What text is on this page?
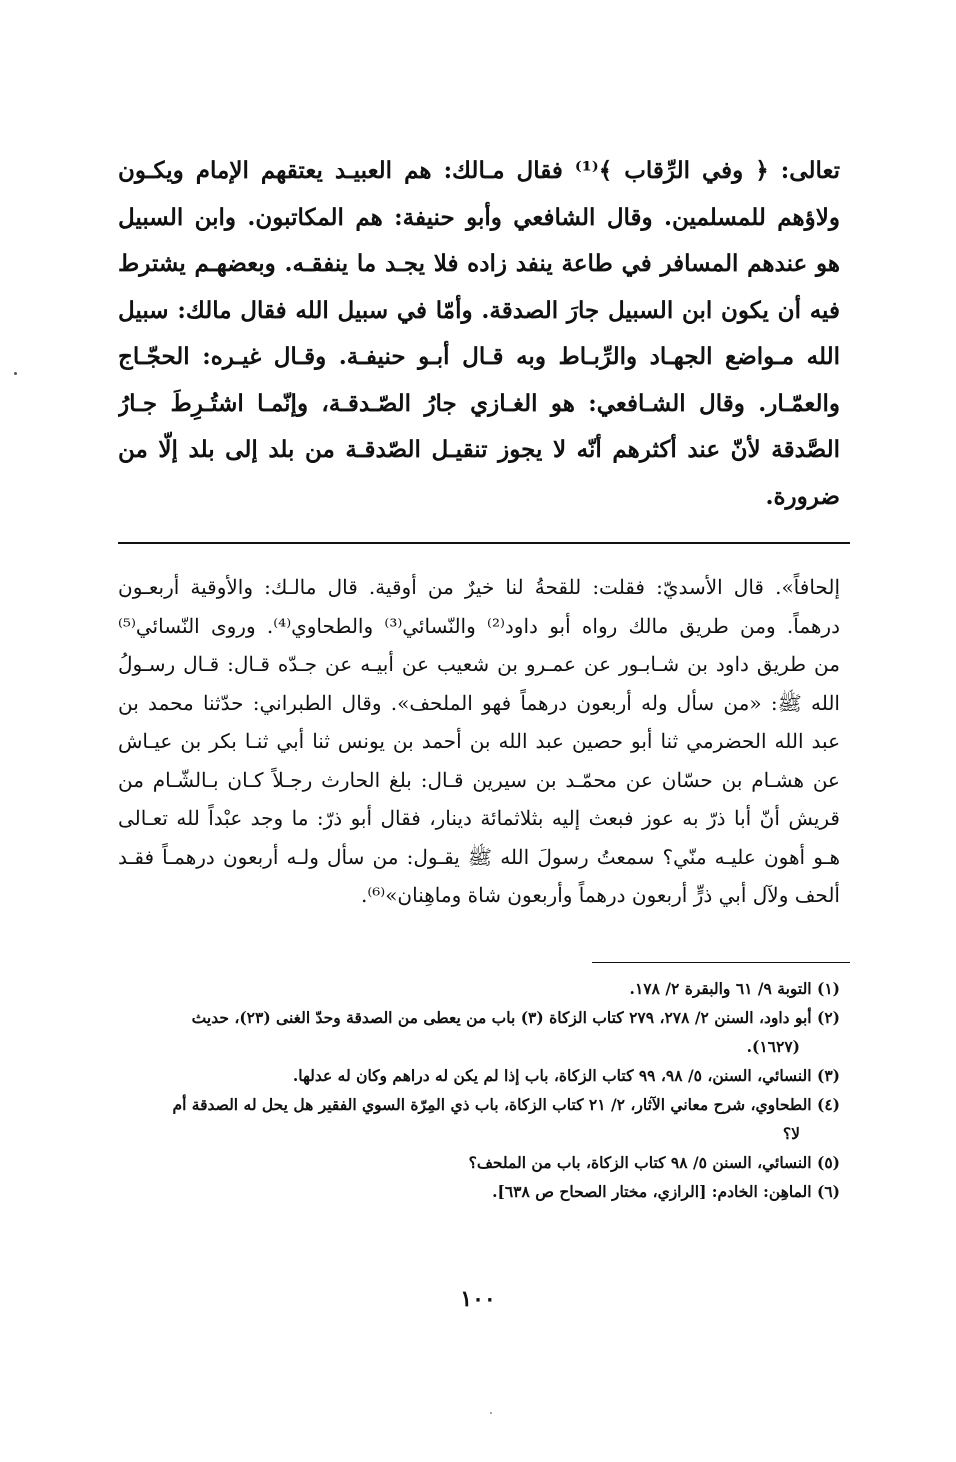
تعالى: ﴿ وفي الرِّقاب ﴾⁽¹⁾ فقال مـالك: هم العبيـد يعتقهم الإمام ويكـون
ولاؤهم للمسلمين. وقال الشافعي وأبو حنيفة: هم المكاتبون. وابن السبيل
هو عندهم المسافر في طاعة ينفد زاده فلا يجـد ما ينفقـه. وبعضهـم يشترط
فيه أن يكون ابن السبيل جارَ الصدقة. وأمّا في سبيل الله فقال مالك: سبيل
الله مـواضع الجهـاد والرِّبـاط وبه قـال أبـو حنيفـة. وقـال غيـره: الحجّـاج
والعمّـار. وقال الشـافعي: هو الغـازي جارُ الصّـدقـة، وإنّمـا اشتُـرِطَ جـارُ
الصَّدقة لأنّ عند أكثرهم أنّه لا يجوز تنقيـل الصّدقـة من بلد إلى بلد إلّا من
ضرورة.
إلحافاً». قال الأسديّ: فقلت: للقحةُ لنا خيرٌ من أوقية. قال مالـك: والأوقية أربعـون
درهماً. ومن طريق مالك رواه أبو داود⁽²⁾ والنّسائي⁽³⁾ والطحاوي⁽⁴⁾. وروى النّسائي⁽⁵⁾
من طريق داود بن شـابـور عن عمـرو بن شعيب عن أبيـه عن جـدّه قـال: قـال رسـولُ
الله ﷺ: «من سأل وله أربعون درهماً فهو الملحف». وقال الطبراني: حدّثنا محمد بن
عبد الله الحضرمي ثنا أبو حصين عبد الله بن أحمد بن يونس ثنا أبي ثنـا بكر بن عيـاش
عن هشـام بن حسّان عن محمّـد بن سيرين قـال: بلغ الحارث رجـلاً كـان بـالشّـام من
قريش أنّ أبا ذرّ به عوز فبعث إليه بثلاثمائة دينار، فقال أبو ذرّ: ما وجد عبْداً لله تعـالى
هـو أهون عليـه منّي؟ سمعتُ رسولَ الله ﷺ يقـول: من سأل ولـه أربعون درهمـاً فقـد
ألحف ولآل أبي ذرٍّ أربعون درهماً وأربعون شاة وماهِنان»⁽⁶⁾.
(١) التوبة ٩/ ٦١ والبقرة ٢/ ١٧٨.
(٢) أبو داود، السنن ٢/ ٢٧٨، ٢٧٩ كتاب الزكاة (٣) باب من يعطى من الصدقة وحدّ الغنى (٢٣)، حديث
(١٦٢٧).
(٣) النسائي، السنن، ٥/ ٩٨، ٩٩ كتاب الزكاة، باب إذا لم يكن له دراهم وكان له عدلها.
(٤) الطحاوي، شرح معاني الآثار، ٢/ ٢١ كتاب الزكاة، باب ذي المِرّة السوي الفقير هل يحل له الصدقة أم
لا؟
(٥) النسائي، السنن ٥/ ٩٨ كتاب الزكاة، باب من الملحف؟
(٦) الماهِن: الخادم: [الرازي، مختار الصحاح ص ٦٣٨].
١٠٠
